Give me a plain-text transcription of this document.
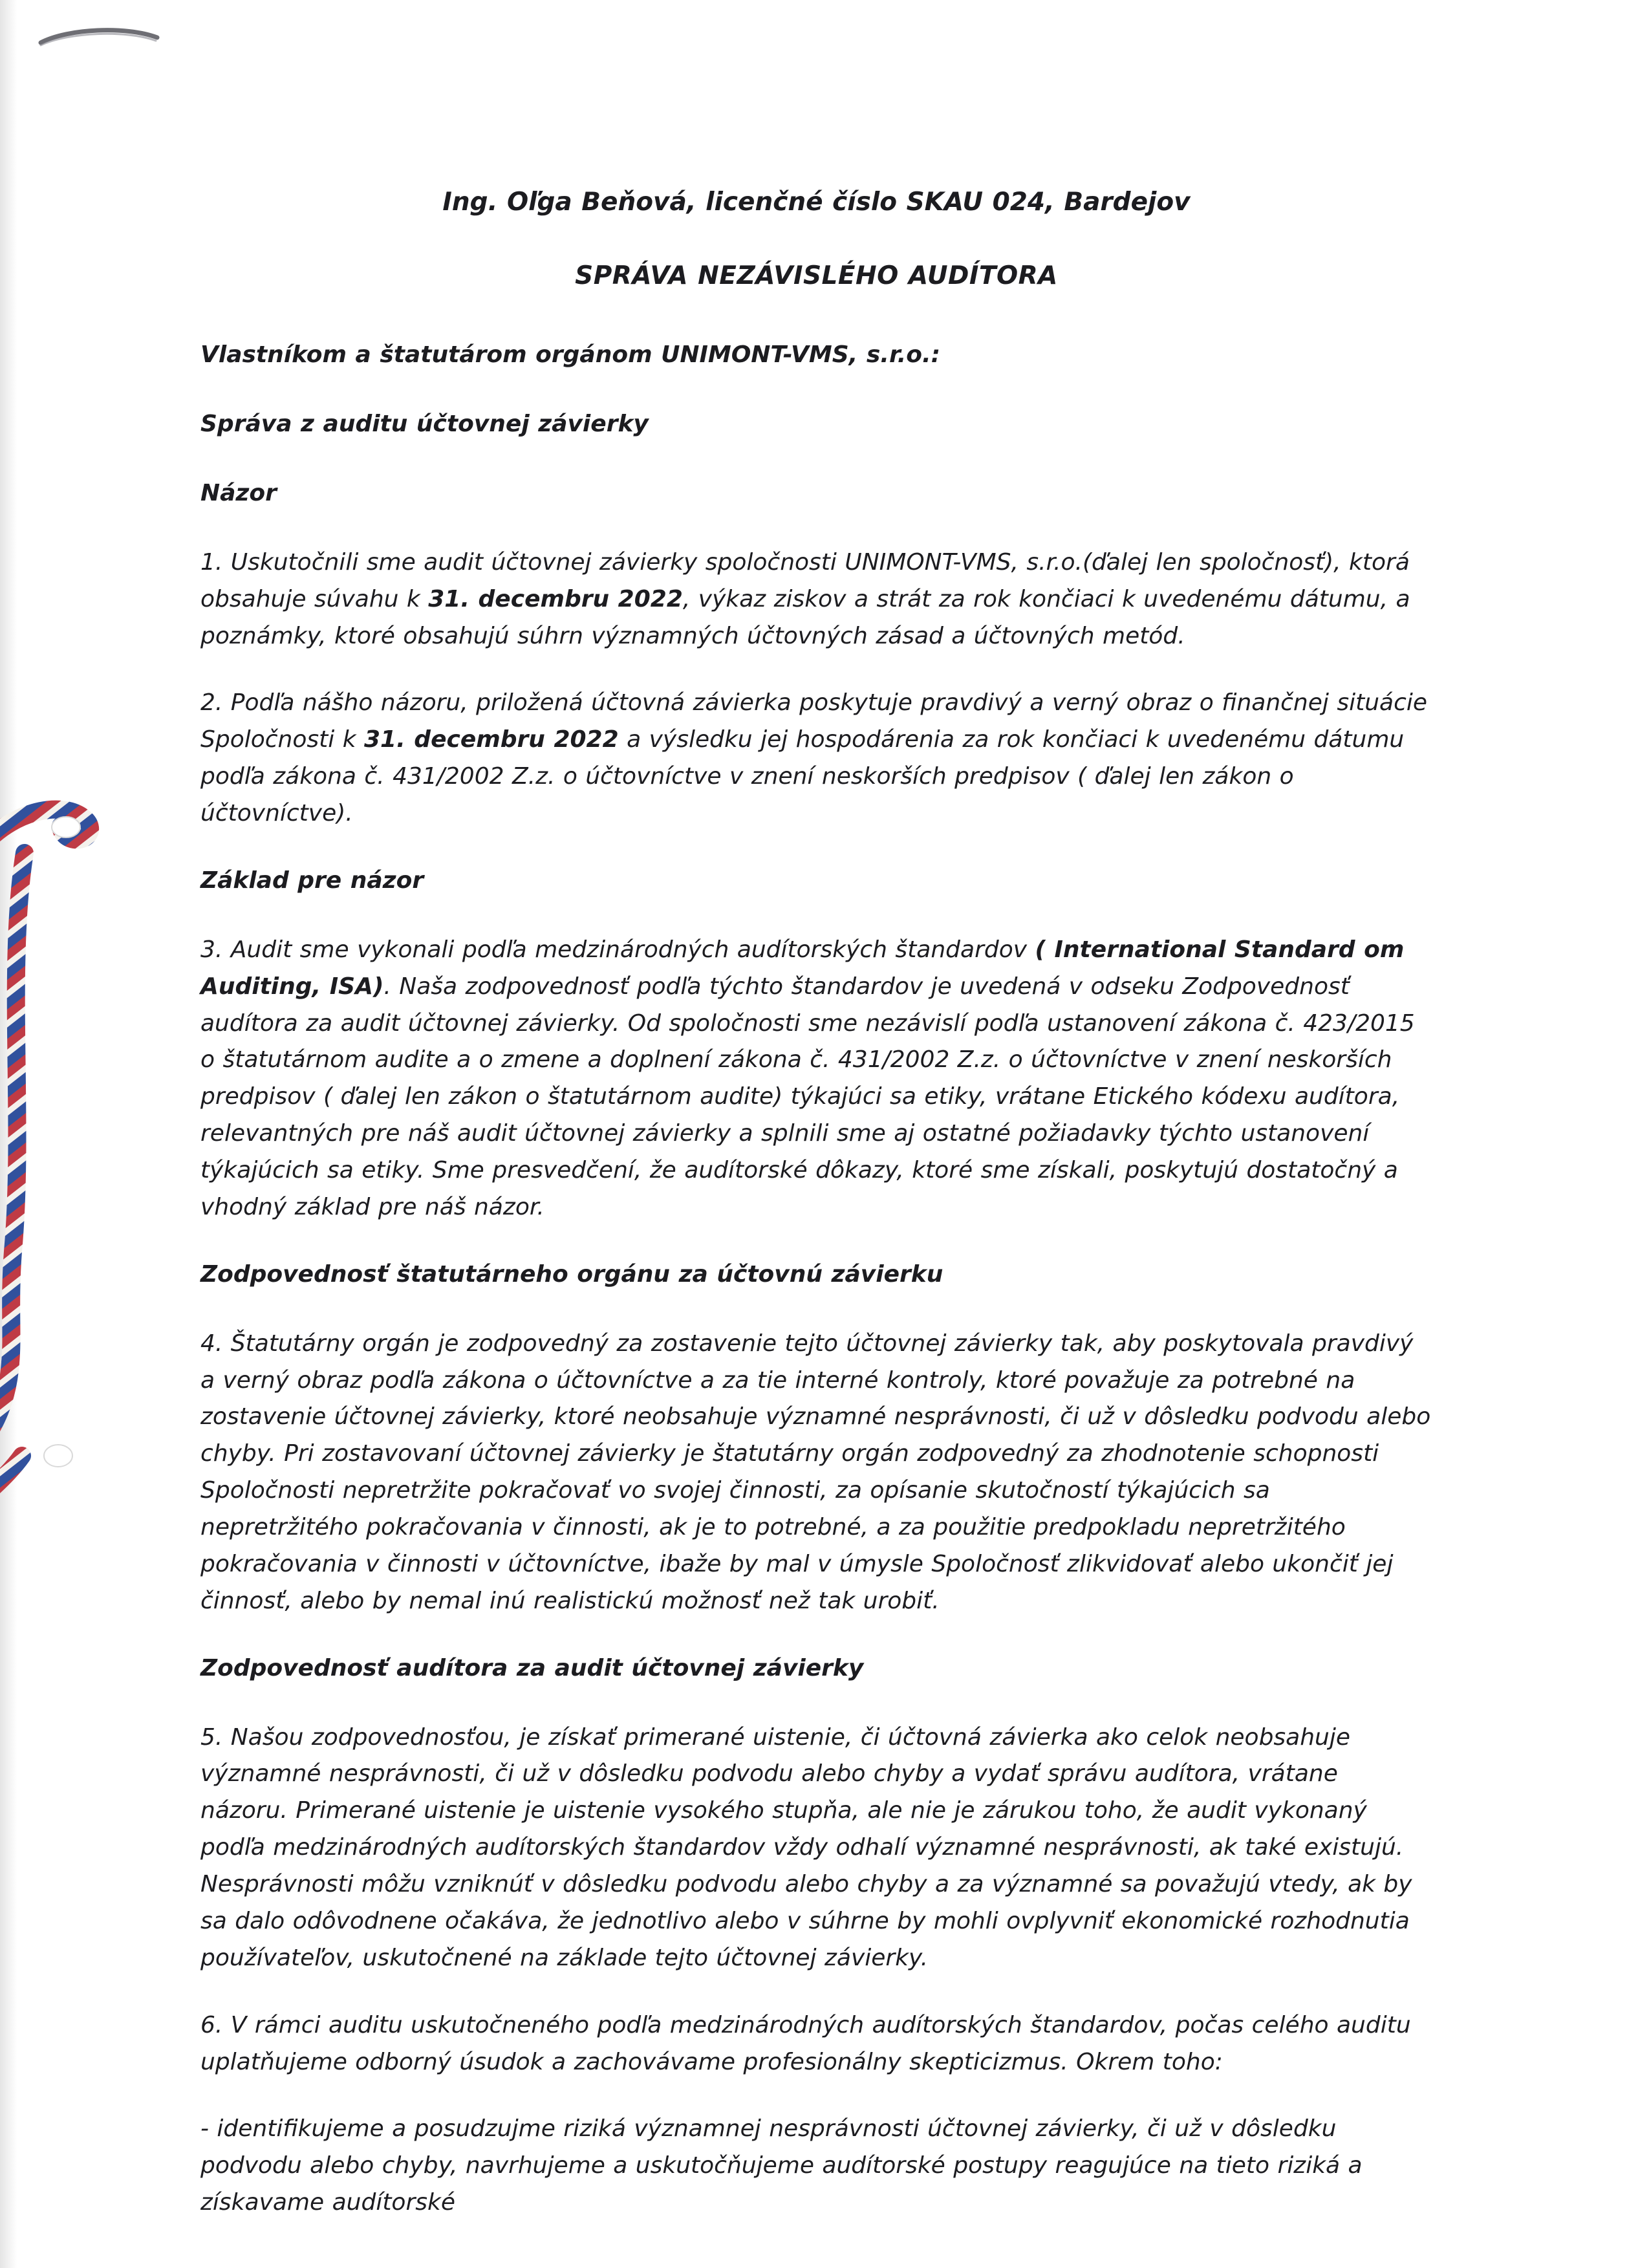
Ing. Oľga Beňová, licenčné číslo SKAU 024, Bardejov

SPRÁVA NEZÁVISLÉHO AUDÍTORA

Vlastníkom a štatutárom orgánom UNIMONT-VMS, s.r.o.:

Správa z auditu účtovnej závierky

Názor

1. Uskutočnili sme audit účtovnej závierky spoločnosti UNIMONT-VMS, s.r.o.(ďalej len spoločnosť), ktorá obsahuje súvahu k 31. decembru 2022, výkaz ziskov a strát za rok končiaci k uvedenému dátumu, a poznámky, ktoré obsahujú súhrn významných účtovných zásad a účtovných metód.

2. Podľa nášho názoru, priložená účtovná závierka poskytuje pravdivý a verný obraz o finančnej situácie Spoločnosti k 31. decembru 2022 a výsledku jej hospodárenia za rok končiaci k uvedenému dátumu podľa zákona č. 431/2002 Z.z. o účtovníctve v znení neskorších predpisov ( ďalej len zákon o účtovníctve).

Základ pre názor

3. Audit sme vykonali podľa medzinárodných audítorských štandardov ( International Standard om Auditing, ISA). Naša zodpovednosť podľa týchto štandardov je uvedená v odseku Zodpovednosť audítora za audit účtovnej závierky. Od spoločnosti sme nezávislí podľa ustanovení zákona č. 423/2015 o štatutárnom audite a o zmene a doplnení zákona č. 431/2002 Z.z. o účtovníctve v znení neskorších predpisov ( ďalej len zákon o štatutárnom audite) týkajúci sa etiky, vrátane Etického kódexu audítora, relevantných pre náš audit účtovnej závierky a splnili sme aj ostatné požiadavky týchto ustanovení týkajúcich sa etiky. Sme presvedčení, že audítorské dôkazy, ktoré sme získali, poskytujú dostatočný a vhodný základ pre náš názor.

Zodpovednosť štatutárneho orgánu za účtovnú závierku

4. Štatutárny orgán je zodpovedný za zostavenie tejto účtovnej závierky tak, aby poskytovala pravdivý a verný obraz podľa zákona o účtovníctve a za tie interné kontroly, ktoré považuje za potrebné na zostavenie účtovnej závierky, ktoré neobsahuje významné nesprávnosti, či už v dôsledku podvodu alebo chyby. Pri zostavovaní účtovnej závierky je štatutárny orgán zodpovedný za zhodnotenie schopnosti Spoločnosti nepretržite pokračovať vo svojej činnosti, za opísanie skutočností týkajúcich sa nepretržitého pokračovania v činnosti, ak je to potrebné, a za použitie predpokladu nepretržitého pokračovania v činnosti v účtovníctve, ibaže by mal v úmysle Spoločnosť zlikvidovať alebo ukončiť jej činnosť, alebo by nemal inú realistickú možnosť než tak urobiť.

Zodpovednosť audítora za audit účtovnej závierky

5. Našou zodpovednosťou, je získať primerané uistenie, či účtovná závierka ako celok neobsahuje významné nesprávnosti, či už v dôsledku podvodu alebo chyby a vydať správu audítora, vrátane názoru. Primerané uistenie je uistenie vysokého stupňa, ale nie je zárukou toho, že audit vykonaný podľa medzinárodných audítorských štandardov vždy odhalí významné nesprávnosti, ak také existujú. Nesprávnosti môžu vzniknúť v dôsledku podvodu alebo chyby a za významné sa považujú vtedy, ak by sa dalo odôvodnene očakáva, že jednotlivo alebo v súhrne by mohli ovplyvniť ekonomické rozhodnutia používateľov, uskutočnené na základe tejto účtovnej závierky.

6. V rámci auditu uskutočneného podľa medzinárodných audítorských štandardov, počas celého auditu uplatňujeme odborný úsudok a zachovávame profesionálny skepticizmus. Okrem toho:

- identifikujeme a posudzujme riziká významnej nesprávnosti účtovnej závierky, či už v dôsledku podvodu alebo chyby, navrhujeme a uskutočňujeme audítorské postupy reagujúce na tieto riziká a získavame audítorské
